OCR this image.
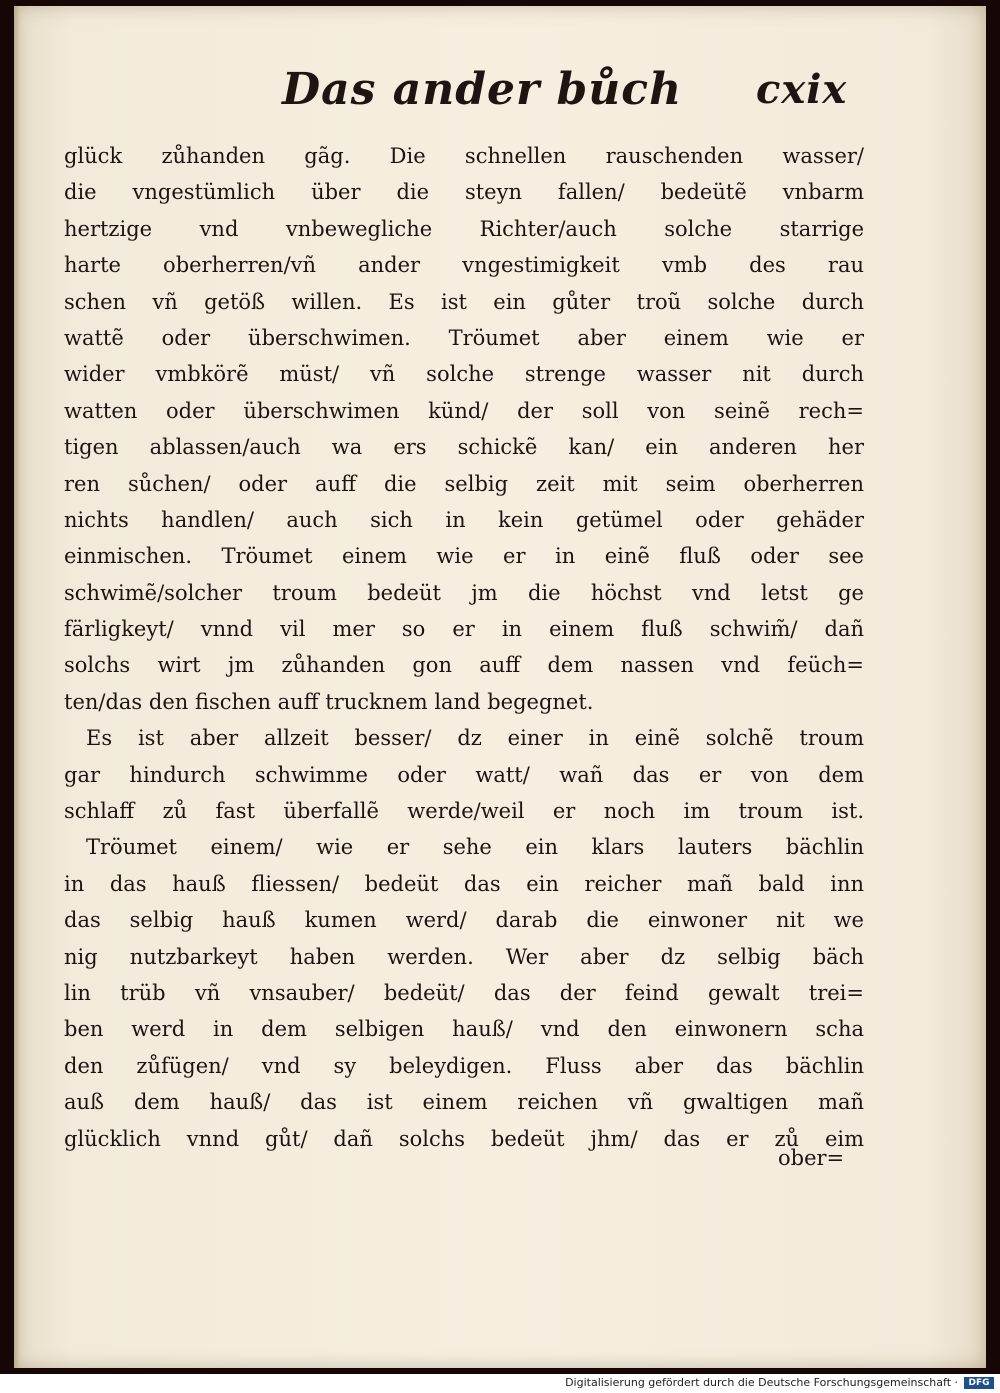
Das ander bůch cxix
glück zůhanden gãg. Die schnellen rauschenden wasser/
die vngestümlich über die steyn fallen/ bedeütẽ vnbarm
hertzige vnd vnbewegliche Richter/auch solche starrige
harte oberherren/vñ ander vngestimigkeit vmb des rau
schen vñ getöß willen. Es ist ein gůter troũ solche durch
wattẽ oder überschwimen. Tröumet aber einem wie er
wider vmbkörẽ müst/ vñ solche strenge wasser nit durch
watten oder überschwimen künd/ der soll von seinẽ rech=
tigen ablassen/auch wa ers schickẽ kan/ ein anderen her
ren sůchen/ oder auff die selbig zeit mit seim oberherren
nichts handlen/ auch sich in kein getümel oder gehäder
einmischen. Tröumet einem wie er in einẽ fluß oder see
schwimẽ/solcher troum bedeüt jm die höchst vnd letst ge
färligkeyt/ vnnd vil mer so er in einem fluß schwim̃/ dañ
solchs wirt jm zůhanden gon auff dem nassen vnd feüch=
ten/das den fischen auff trucknem land begegnet.
Es ist aber allzeit besser/ dz einer in einẽ solchẽ troum
gar hindurch schwimme oder watt/ wañ das er von dem
schlaff zů fast überfallẽ werde/weil er noch im troum ist.
Tröumet einem/ wie er sehe ein klars lauters bächlin
in das hauß fliessen/ bedeüt das ein reicher mañ bald inn
das selbig hauß kumen werd/ darab die einwoner nit we
nig nutzbarkeyt haben werden. Wer aber dz selbig bäch
lin trüb vñ vnsauber/ bedeüt/ das der feind gewalt trei=
ben werd in dem selbigen hauß/ vnd den einwonern scha
den zůfügen/ vnd sy beleydigen. Fluss aber das bächlin
auß dem hauß/ das ist einem reichen vñ gwaltigen mañ
glücklich vnnd gůt/ dañ solchs bedeüt jhm/ das er zů eim
ober=
Digitalisierung gefördert durch die Deutsche Forschungsgemeinschaft ·	DFG
